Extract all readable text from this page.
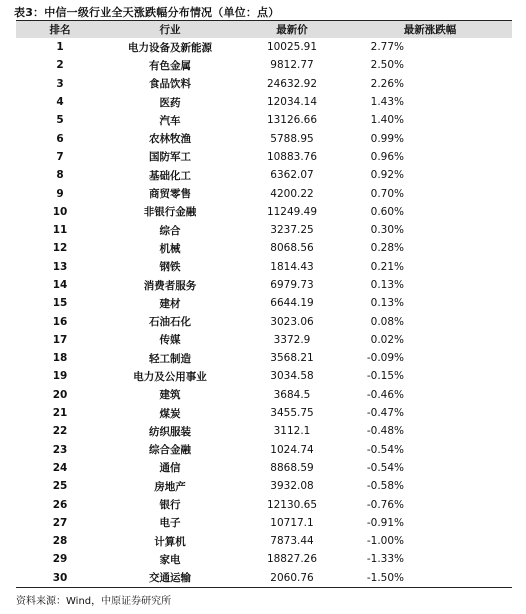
表3：中信一级行业全天涨跌幅分布情况（单位：点）
排名	行业	最新价	最新涨跌幅
1	电力设备及新能源	10025.91	2.77%
2	有色金属	9812.77	2.50%
3	食品饮料	24632.92	2.26%
4	医药	12034.14	1.43%
5	汽车	13126.66	1.40%
6	农林牧渔	5788.95	0.99%
7	国防军工	10883.76	0.96%
8	基础化工	6362.07	0.92%
9	商贸零售	4200.22	0.70%
10	非银行金融	11249.49	0.60%
11	综合	3237.25	0.30%
12	机械	8068.56	0.28%
13	钢铁	1814.43	0.21%
14	消费者服务	6979.73	0.13%
15	建材	6644.19	0.13%
16	石油石化	3023.06	0.08%
17	传媒	3372.9	0.02%
18	轻工制造	3568.21	-0.09%
19	电力及公用事业	3034.58	-0.15%
20	建筑	3684.5	-0.46%
21	煤炭	3455.75	-0.47%
22	纺织服装	3112.1	-0.48%
23	综合金融	1024.74	-0.54%
24	通信	8868.59	-0.54%
25	房地产	3932.08	-0.58%
26	银行	12130.65	-0.76%
27	电子	10717.1	-0.91%
28	计算机	7873.44	-1.00%
29	家电	18827.26	-1.33%
30	交通运输	2060.76	-1.50%
资料来源：Wind，中原证券研究所
